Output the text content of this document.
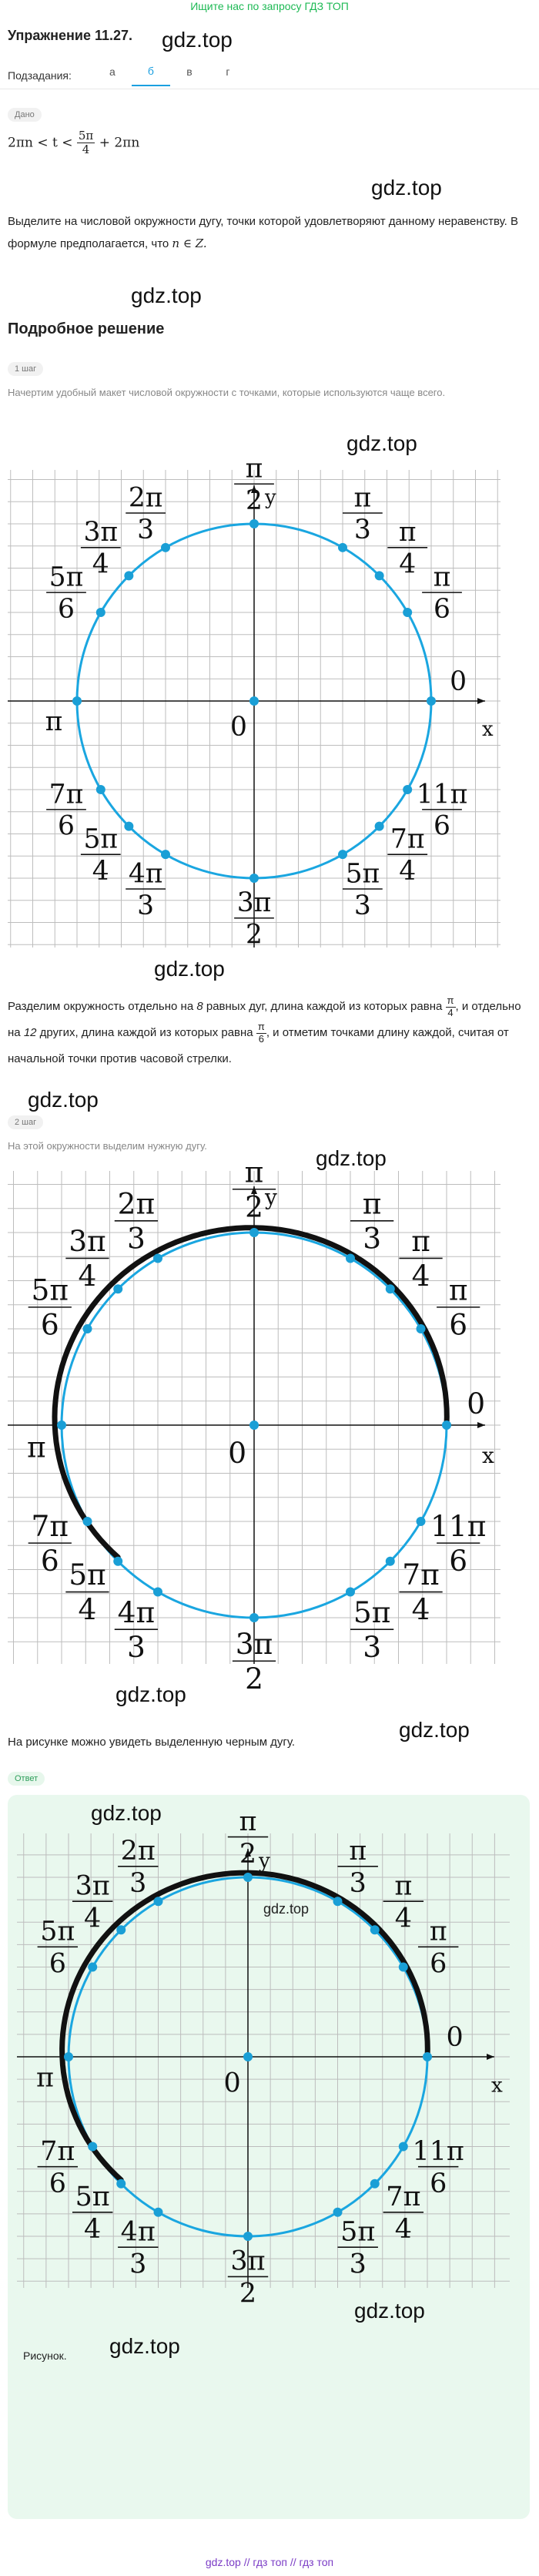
Ищите нас по запросу ГДЗ ТОП
Упражнение 11.27. gdz.top
Подзадания:	а	б	в	г
Дано
$2\pi n < t < \frac{5\pi}{4} + 2\pi n$
gdz.top
Выделите на числовой окружности дугу, точки которой удовлетворяют данному неравенству. В формуле предполагается, что n ∈ Z.
gdz.top
Подробное решение
1 шаг
Начертим удобный макет числовой окружности с точками, которые используются чаще всего.
gdz.top
π
2	π
3 π
4 π
6
2π
3
3π
4
5π
6
7π
6 5π
4 4π
3	3π
2
5π
3
7π
4
11π
6
0
π	0	x
y
gdz.top
Разделим окружность отдельно на 8 равных дуг, длина каждой из которых равна $\frac{\pi}{4}$ , и отдельно на 12 других, длина каждой из которых равна $\frac{\pi}{6}$ , и отметим точками длину каждой, считая от начальной точки против часовой стрелки.
gdz.top
2 шаг
На этой окружности выделим нужную дугу.
gdz.top
π
2	π
3 π
4 π
6
2π
3
3π
4
5π
6
7π
6 5π
4 4π
3	3π
2
5π
3
7π
4
11π
6
0
π	0	x
y
gdz.top
gdz.top
На рисунке можно увидеть выделенную черным дугу.
Ответ
gdz.top	π
2	π
3 π
4 π
6
2π
3
3π
4
5π
6
7π
6 5π
4 4π
3	3π
2
5π
3
7π
4
11π
6
0
π	0	x
y
gdz.top
gdz.top
Рисунок. gdz.top
gdz.top // гдз топ // гдз топ
